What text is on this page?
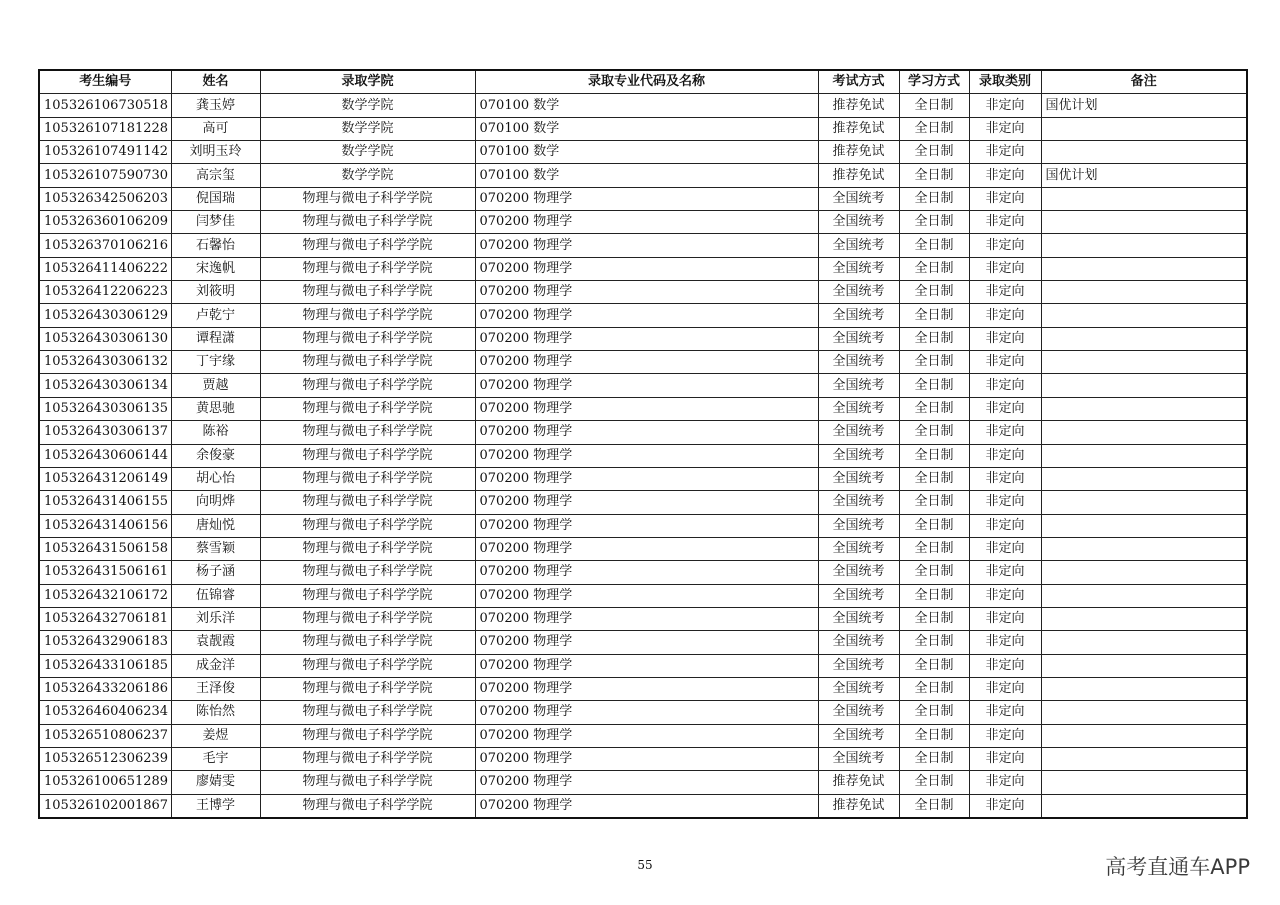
考生编号	姓名	录取学院	录取专业代码及名称	考试方式	学习方式	录取类别	备注
105326106730518	龚玉婷	数学学院	070100 数学	推荐免试	全日制	非定向	国优计划
105326107181228	高可	数学学院	070100 数学	推荐免试	全日制	非定向	
105326107491142	刘明玉玲	数学学院	070100 数学	推荐免试	全日制	非定向	
105326107590730	高宗玺	数学学院	070100 数学	推荐免试	全日制	非定向	国优计划
105326342506203	倪国瑞	物理与微电子科学学院	070200 物理学	全国统考	全日制	非定向	
105326360106209	闫梦佳	物理与微电子科学学院	070200 物理学	全国统考	全日制	非定向	
105326370106216	石馨怡	物理与微电子科学学院	070200 物理学	全国统考	全日制	非定向	
105326411406222	宋逸帆	物理与微电子科学学院	070200 物理学	全国统考	全日制	非定向	
105326412206223	刘筱明	物理与微电子科学学院	070200 物理学	全国统考	全日制	非定向	
105326430306129	卢乾宁	物理与微电子科学学院	070200 物理学	全国统考	全日制	非定向	
105326430306130	谭程潇	物理与微电子科学学院	070200 物理学	全国统考	全日制	非定向	
105326430306132	丁宇缘	物理与微电子科学学院	070200 物理学	全国统考	全日制	非定向	
105326430306134	贾越	物理与微电子科学学院	070200 物理学	全国统考	全日制	非定向	
105326430306135	黄思驰	物理与微电子科学学院	070200 物理学	全国统考	全日制	非定向	
105326430306137	陈裕	物理与微电子科学学院	070200 物理学	全国统考	全日制	非定向	
105326430606144	余俊豪	物理与微电子科学学院	070200 物理学	全国统考	全日制	非定向	
105326431206149	胡心怡	物理与微电子科学学院	070200 物理学	全国统考	全日制	非定向	
105326431406155	向明烨	物理与微电子科学学院	070200 物理学	全国统考	全日制	非定向	
105326431406156	唐灿悦	物理与微电子科学学院	070200 物理学	全国统考	全日制	非定向	
105326431506158	蔡雪颖	物理与微电子科学学院	070200 物理学	全国统考	全日制	非定向	
105326431506161	杨子涵	物理与微电子科学学院	070200 物理学	全国统考	全日制	非定向	
105326432106172	伍锦睿	物理与微电子科学学院	070200 物理学	全国统考	全日制	非定向	
105326432706181	刘乐洋	物理与微电子科学学院	070200 物理学	全国统考	全日制	非定向	
105326432906183	袁靓霞	物理与微电子科学学院	070200 物理学	全国统考	全日制	非定向	
105326433106185	成金洋	物理与微电子科学学院	070200 物理学	全国统考	全日制	非定向	
105326433206186	王泽俊	物理与微电子科学学院	070200 物理学	全国统考	全日制	非定向	
105326460406234	陈怡然	物理与微电子科学学院	070200 物理学	全国统考	全日制	非定向	
105326510806237	姜煜	物理与微电子科学学院	070200 物理学	全国统考	全日制	非定向	
105326512306239	毛宇	物理与微电子科学学院	070200 物理学	全国统考	全日制	非定向	
105326100651289	廖婧雯	物理与微电子科学学院	070200 物理学	推荐免试	全日制	非定向	
105326102001867	王博学	物理与微电子科学学院	070200 物理学	推荐免试	全日制	非定向	
55	高考直通车APP
